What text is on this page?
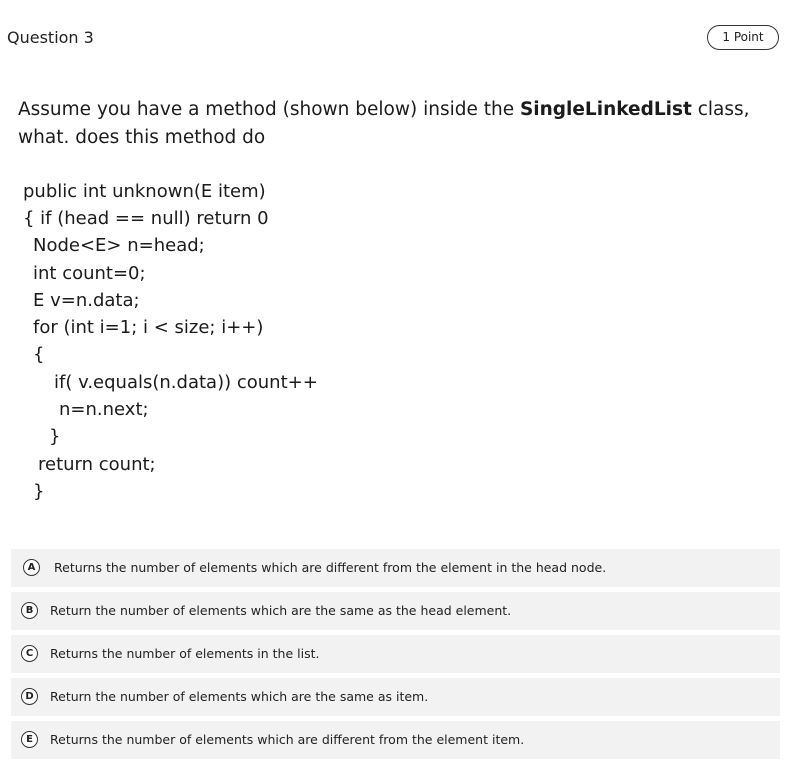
Question 3	1 Point
Assume you have a method (shown below) inside the SingleLinkedList class, what. does this method do
public int unknown(E item)
{ if (head == null) return 0
Node<E> n=head;
int count=0;
E v=n.data;
for (int i=1; i < size; i++)
{
if( v.equals(n.data)) count++
n=n.next;
}
return count;
}
A	Returns the number of elements which are different from the element in the head node.
B	Return the number of elements which are the same as the head element.
C	Returns the number of elements in the list.
D	Return the number of elements which are the same as item.
E	Returns the number of elements which are different from the element item.
